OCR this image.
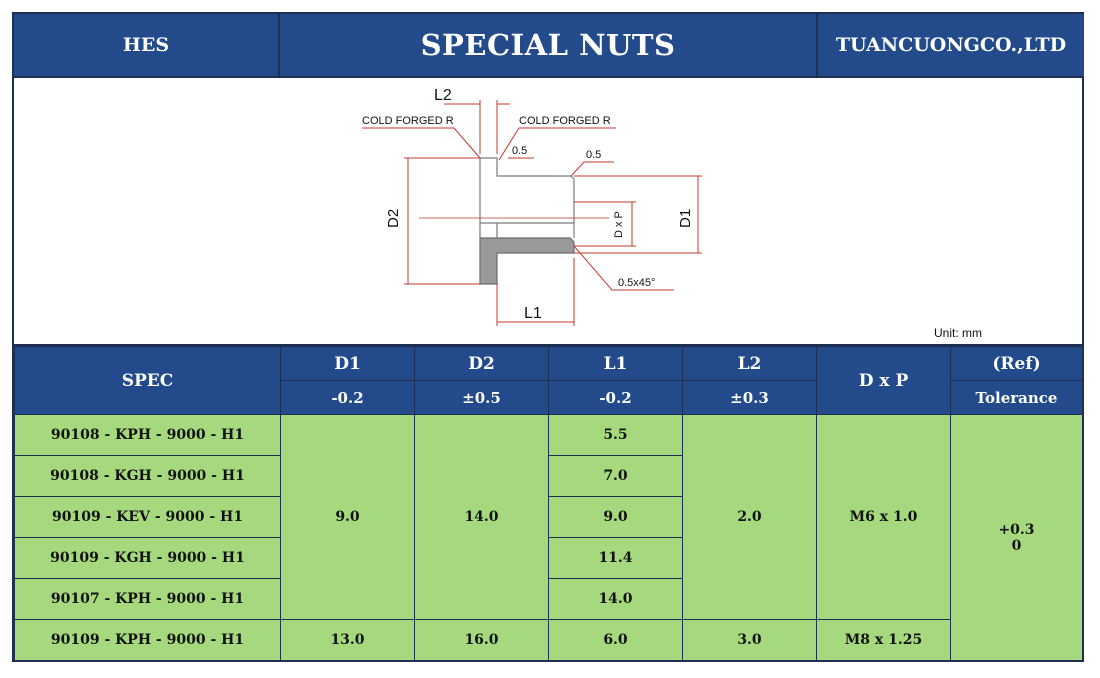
HES	SPECIAL NUTS	TUANCUONGCO.,LTD
L2
COLD FORGED R	COLD FORGED R
0.5	0.5
D2	D x P	D1
0.5x45°
L1
Unit: mm
SPEC	D1	D2	L1	L2	D x P	(Ref)
	-0.2	±0.5	-0.2	±0.3		Tolerance
90108 - KPH - 9000 - H1	9.0	14.0	5.5	2.0	M6 x 1.0	+0.3
0

90108 - KGH - 9000 - H1			7.0			
90109 - KEV - 9000 - H1			9.0			
90109 - KGH - 9000 - H1			11.4			
90107 - KPH - 9000 - H1			14.0			
90109 - KPH - 9000 - H1	13.0	16.0	6.0	3.0	M8 x 1.25	
